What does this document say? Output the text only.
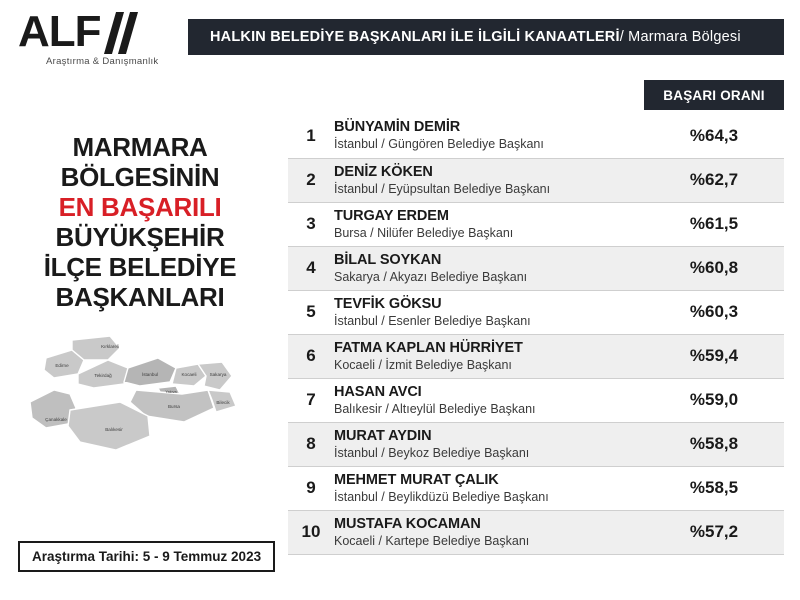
ALF
Araştırma & Danışmanlık
HALKIN BELEDİYE BAŞKANLARI İLE İLGİLİ KANAATLERİ / Marmara Bölgesi
MARMARA
BÖLGESİNİN
EN BAŞARILI
BÜYÜKŞEHİR
İLÇE BELEDİYE
BAŞKANLARI
Kırklareli
Edirne
Tekirdağ	İstanbul	Kocaeli	Sakarya
Yalova
Bursa
Bilecik
Çanakkale
Balıkesir
Araştırma Tarihi: 5 - 9 Temmuz 2023
BAŞARI ORANI
1	BÜNYAMİN DEMİR
İstanbul / Güngören Belediye Başkanı	%64,3
2	DENİZ KÖKEN
İstanbul / Eyüpsultan Belediye Başkanı	%62,7
3	TURGAY ERDEM
Bursa / Nilüfer Belediye Başkanı	%61,5
4	BİLAL SOYKAN
Sakarya / Akyazı Belediye Başkanı	%60,8
5	TEVFİK GÖKSU
İstanbul / Esenler Belediye Başkanı	%60,3
6	FATMA KAPLAN HÜRRİYET
Kocaeli / İzmit Belediye Başkanı	%59,4
7	HASAN AVCI
Balıkesir / Altıeylül Belediye Başkanı	%59,0
8	MURAT AYDIN
İstanbul / Beykoz Belediye Başkanı	%58,8
9	MEHMET MURAT ÇALIK
İstanbul / Beylikdüzü Belediye Başkanı	%58,5
10	MUSTAFA KOCAMAN
Kocaeli / Kartepe Belediye Başkanı	%57,2
